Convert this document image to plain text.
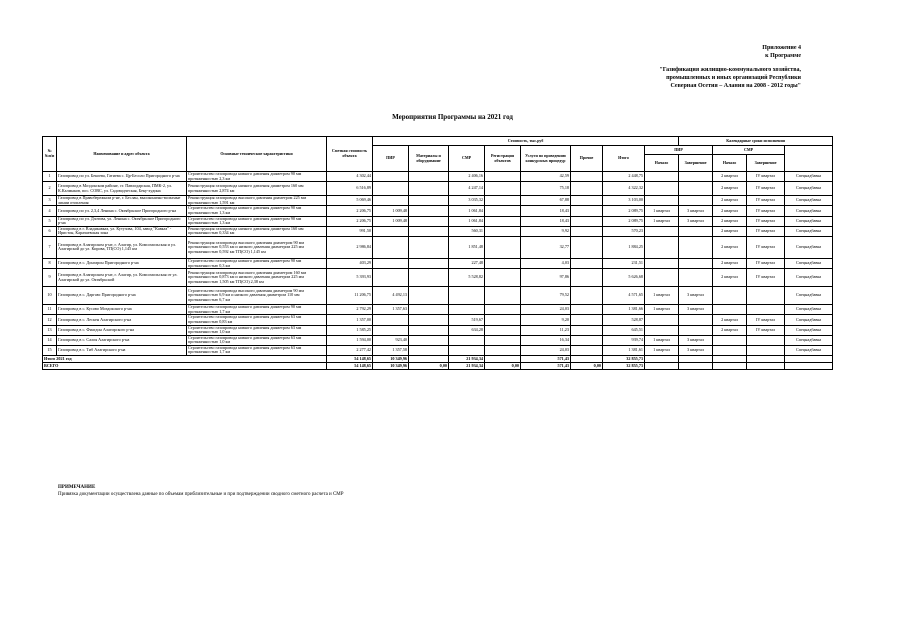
Приложение 4
к Программе
"Газификация жилищно-коммунального хозяйства,
промышленных и иных организаций Республики
Северная Осетия – Алания на 2008 - 2012 годы"
Мероприятия Программы на 2021 год
№№п/п	Наименование и адрес объекта	Основные технические характеристики	Сметная стоимость объекта	Стоимость, тыс.руб								Календарные сроки исполнения	
				ПИР	Материалы и оборудование	СМР	Регистрация объектов	Услуги по проведению конкурсных процедур	Прочие	Итого	ПИР		СМР			
											Начало	Завершение	Начало	Завершение		
1	Газопровод по ул. Бекоева, Гатиева с. Цр-Бесоло Пригородного р-на	Строительство газопровода низкого давления диаметром 90 мм протяженностью 2,3 км	4 302,44			2 406,16		42,59		2 448,75			2 квартал	IV квартал	Спецнадбавка	
2	Газопровод в Моздокском районе, ст. Павлодарская, ПМК-2, ул. К.Калмыков, пос. СОВС, ул. Садоводческая, Беку-худина	Реконструкция газопровода низкого давления диаметром 160 мм протяженностью 2,874 км	6 516,89			4 247,14		75,18		4 322,32			2 квартал	IV квартал	Спецнадбавка	
3	Газопровод в Правобережном р-не, г. Беслан, высоконизко-вольтные линии отопления	Реконструкция газопровода высокого давления диаметром 225 мм протяженностью 1,591 км	5 069,46			3 035,32		67,88		3 103,00			2 квартал	IV квартал	Спецнадбавка	
4	Газопровод по ул. 2,3,4 Ленина с. Октябрьское Пригородного р-на	Строительство газопровода низкого давления диаметром 90 мм протяженностью 1,3 км	2 206,75	1 009,48		1 061,84		18,43		2 089,75	1 квартал	3 квартал	2 квартал	IV квартал	Спецнадбавка	
5	Газопровод по ул. Дзотова, ул. Ленина с. Октябрьское Пригородного р-на	Строительство газопровода низкого давления диаметром 90 мм протяженностью 1,3 км	2 206,75	1 009,48		1 061,84		18,43		2 089,75	1 квартал	3 квартал	2 квартал	IV квартал	Спецнадбавка	
6	Газопровод в г. Владикавказ, ул. Кутузова, 104, завод "Кавказ" - Иристон, Карачаевская зона	Реконструкция газопровода низкого давления диаметром 160 мм протяженностью 0,334 км	991,50			560,31		9,92		570,23			2 квартал	IV квартал	Спецнадбавка	
7	Газопровод в Алагирском р-не, г. Алагир, ул. Комсомольская и ул. Алагирской до ул. Кирова, ТП(СО) 1,145 км	Реконструкция газопровода высокого давления диаметром 90 мм протяженностью 0,553 км и низкого давления диаметром 225 мм протяженностью 0,592 км ТП(СО) 1,145 км	2 986,84			1 851,48		32,77		1 884,25			2 квартал	IV квартал	Спецнадбавка	
8	Газопровод в с. Донгарон Пригородного р-на	Строительство газопровода низкого давления диаметром 90 мм протяженностью 0,3 км	403,29			227,48		4,03		231,51			2 квартал	IV квартал	Спецнадбавка	
9	Газопровод в Алагирском р-не, г. Алагир, ул. Комсомольская от ул. Алагирской до ул. Октябрьской	Реконструкция газопровода высокого давления диаметром 160 мм протяженностью 0,873 км и низкого давления диаметром 225 мм протяженностью 1,505 км ТП(СО) 2,38 км	5 393,93			5 528,82		97,86		5 626,68			2 квартал	IV квартал	Спецнадбавка	
10	Газопровод в с. Даргавс Пригородного р-на	Строительство газопровода высокого давления диаметром 90 мм протяженностью 6,9 км и низкого давления диаметром 110 мм протяженностью 6,7 км	11 206,75	4 492,13				79,52		4 571,65	1 квартал	3 квартал			Спецнадбавка	
11	Газопровод в с. Кусово Моздокского р-на	Строительство газопровода низкого давления диаметром 90 мм протяженностью 1,7 км	2 792,29	1 357,63				24,03		1 381,66	1 квартал	3 квартал			Спецнадбавка	
12	Газопровод в с. Лескен Алагирского р-на	Строительство газопровода низкого давления диаметром 63 мм протяженностью 0,83 км	1 357,00			519,67		9,20		528,87			2 квартал	IV квартал	Спецнадбавка	
13	Газопровод в с. Фиагдон Алагирского р-на	Строительство газопровода низкого давления диаметром 63 мм протяженностью 1,0 км	1 585,25			634,28		11,23		645,51			2 квартал	IV квартал	Спецнадбавка	
14	Газопровод в с. Салоя Алагирского р-на	Строительство газопровода низкого давления диаметром 63 мм протяженностью 1,0 км	1 594,00	923,40				16,34		939,74	1 квартал	3 квартал			Спецнадбавка	
15	Газопровод в с. Тиб Алагирского р-на	Строительство газопровода низкого давления диаметром 63 мм протяженностью 1,7 км	2 277,42	1 357,58				24,03		1 381,61	1 квартал	3 квартал			Спецнадбавка	
Итого 2021 год			54 148,65	10 349,96		21 934,34		571,43		32 855,73						
ВСЕГО			54 148,65	10 349,96	0,00	21 934,34	0,00	571,43	0,00	32 855,73						
ПРИМЕЧАНИЕ
Привязка документации осуществлена данные по объемам приблизительные и при подтверждении сводного сметного расчета и СМР
